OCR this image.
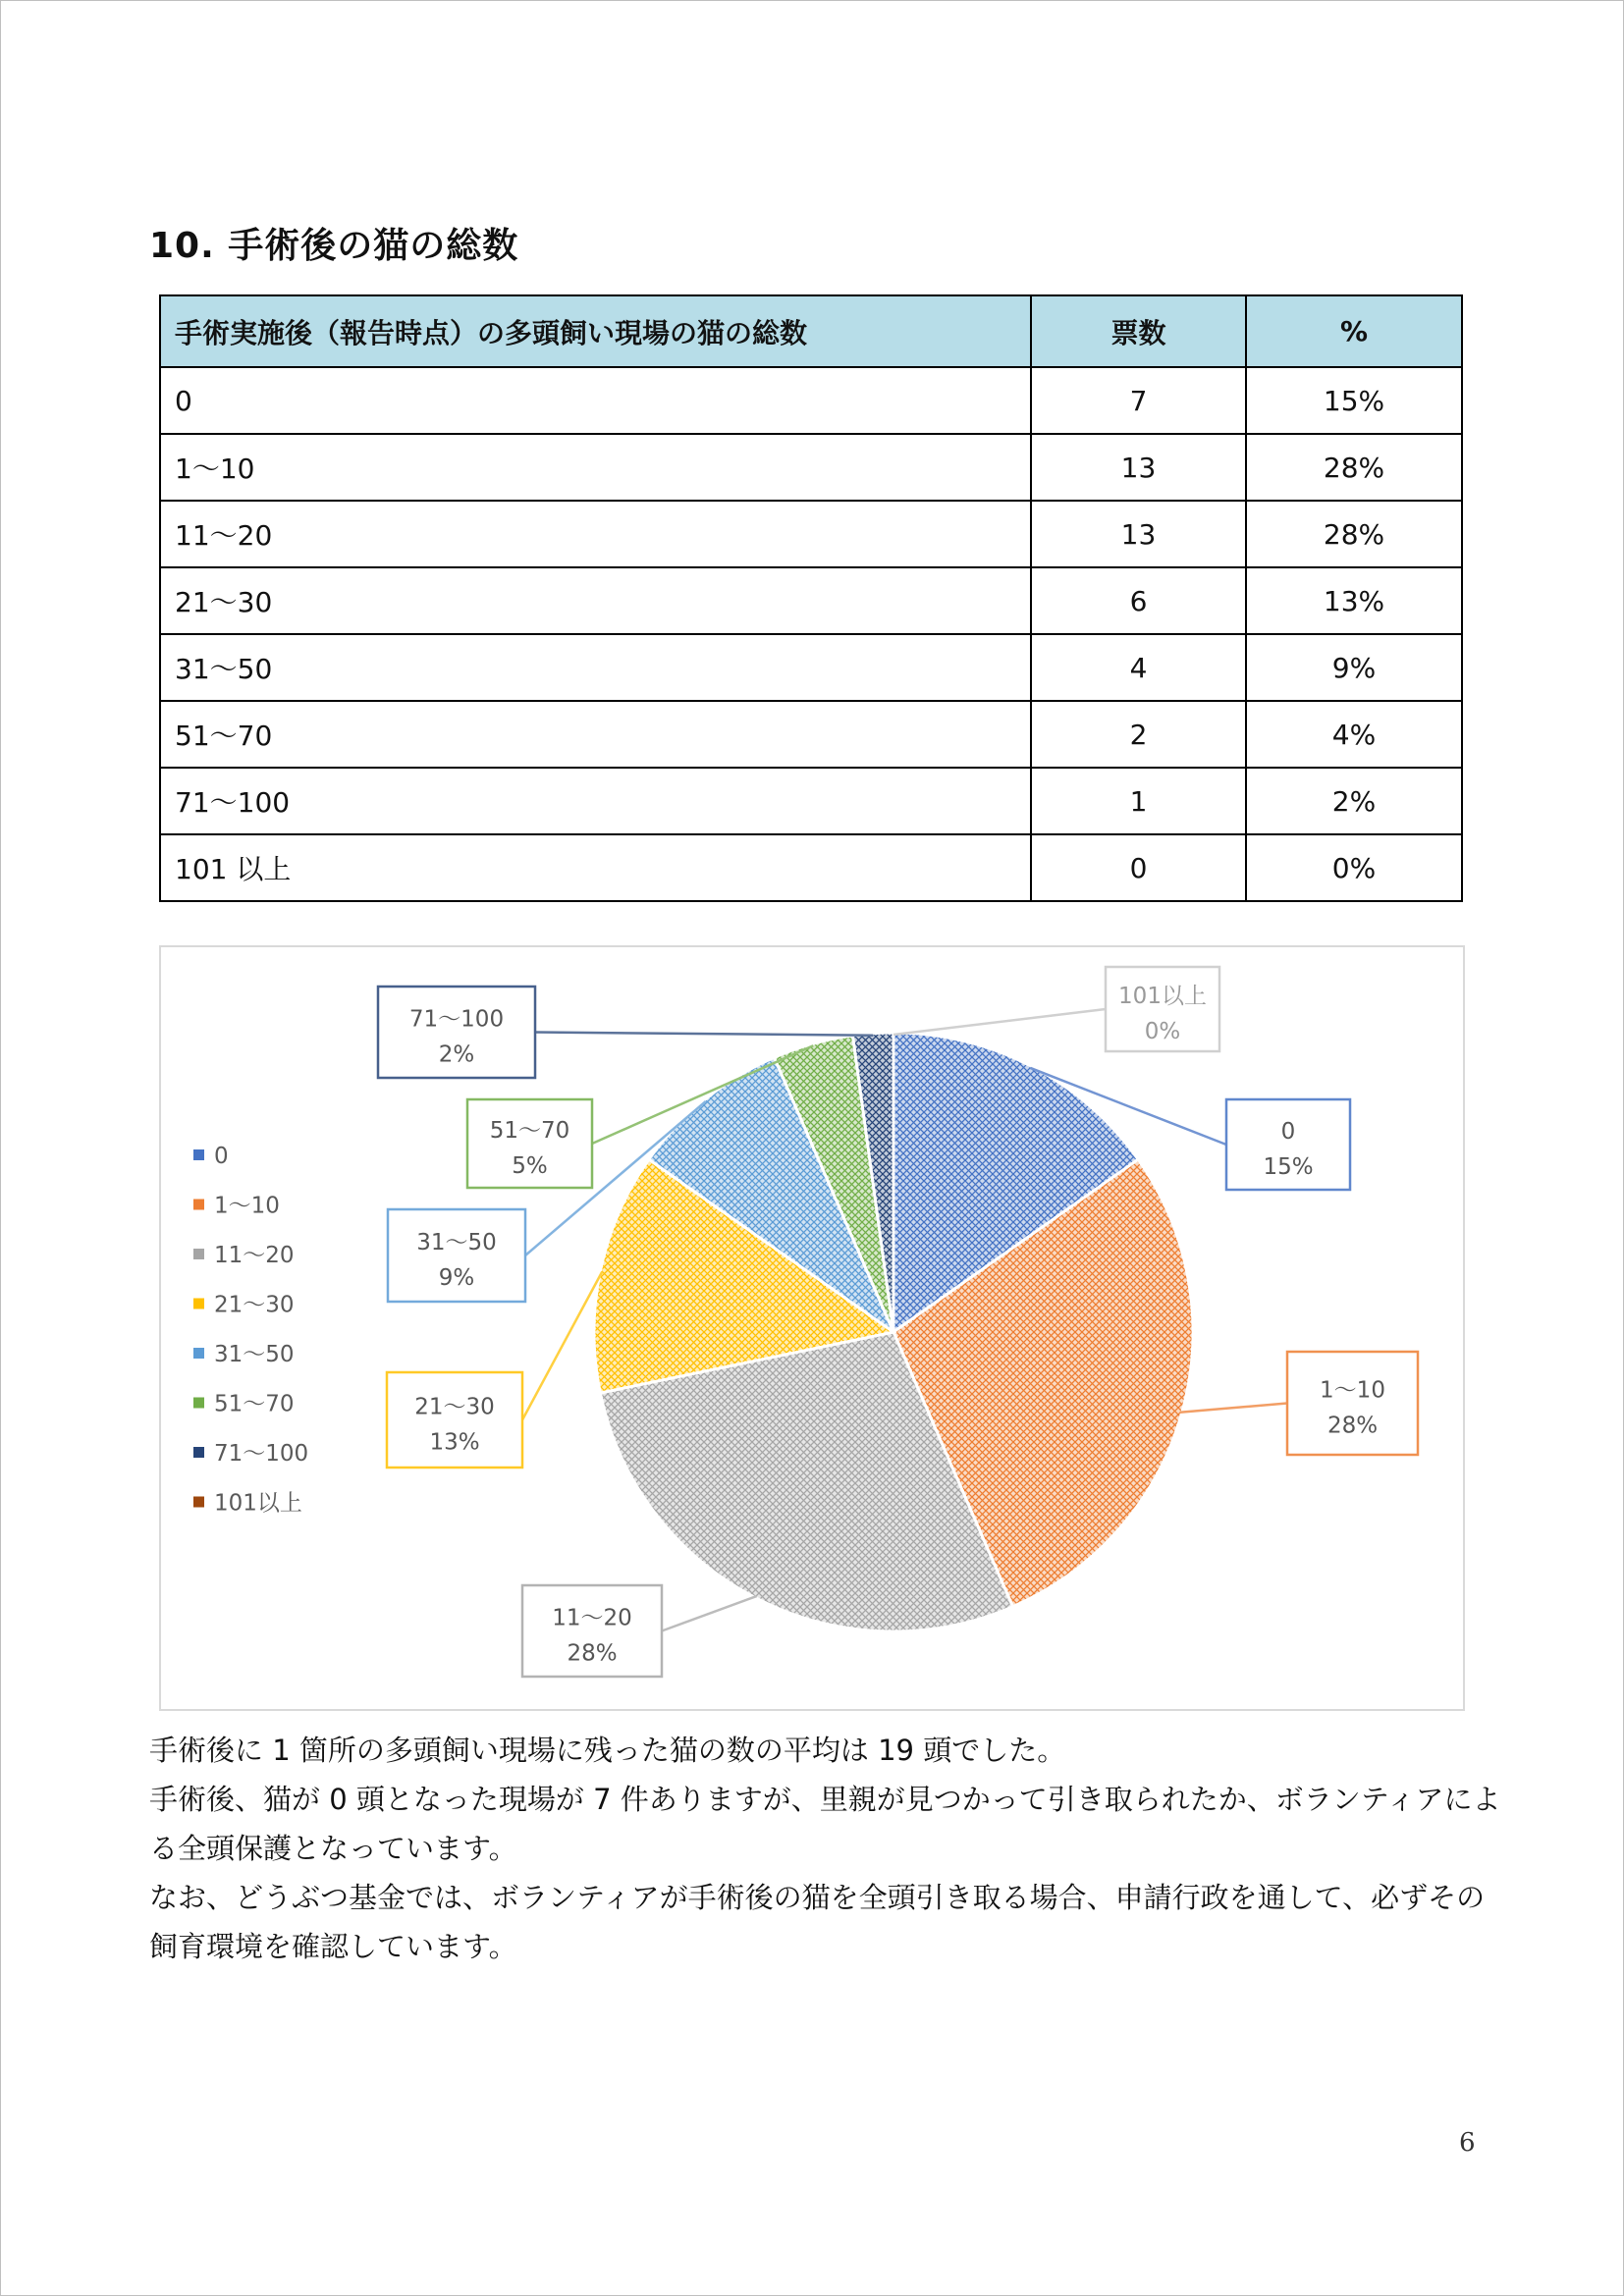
10. 手術後の猫の総数
手術実施後（報告時点）の多頭飼い現場の猫の総数	票数	%
0	7	15%
1～10	13	28%
11～20	13	28%
21～30	6	13%
31～50	4	9%
51～70	2	4%
71～100	1	2%
101 以上	0	0%
0
15%
1～10
28%
11～20
28%
21～30
13%
31～50
9%
51～70
5%
71～100
2%
101以上
0%
0
1～10
11～20
21～30
31～50
51～70
71～100
101以上

手術後に 1 箇所の多頭飼い現場に残った猫の数の平均は 19 頭でした。

手術後、猫が 0 頭となった現場が 7 件ありますが、里親が見つかって引き取られたか、ボランティアによる全頭保護となっています。

なお、どうぶつ基金では、ボランティアが手術後の猫を全頭引き取る場合、申請行政を通して、必ずその飼育環境を確認しています。

6
